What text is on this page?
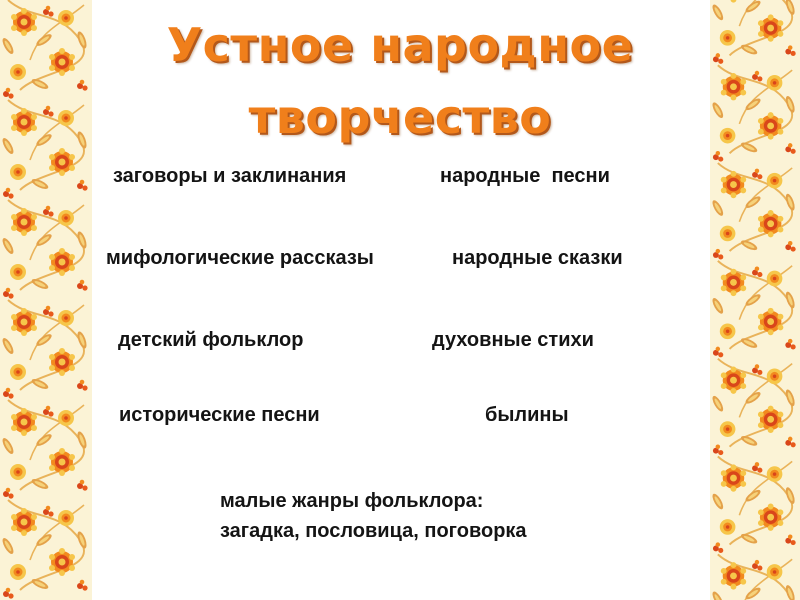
Устное народное
творчество

заговоры и заклинания	народные  песни

мифологические рассказы	народные сказки

детский фольклор	духовные стихи

исторические песни	былины

малые жанры фольклора:
загадка, пословица, поговорка
